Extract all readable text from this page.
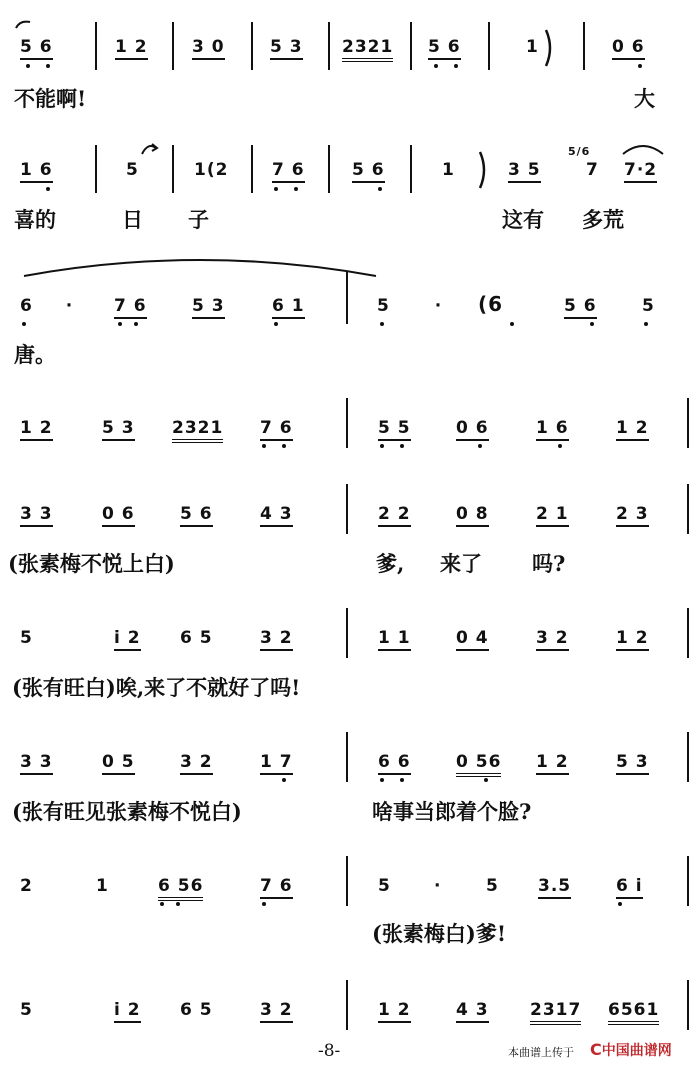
5 6	1 2	3 0	5 3 2321 5 6	1	0 6
不能啊!	大
1 6	5	1(2	7 6	5 6	1	3 5
5/6
7 7·2
喜的	日 子	这有 多荒
6 · 7 6	5 3	6 1	5 · (6	5 6	5
唐。
1 2	5 3 2321 7 6	5 5	0 6	1 6	1 2
3 3	0 6	5 6	4 3	2 2	0 8	2 1	2 3
(张素梅不悦上白)	爹, 来了 吗?
5	i 2 6 5	3 2	1 1	0 4	3 2	1 2
(张有旺白)唉,来了不就好了吗!
3 3	0 5	3 2	1 7	6 6	0 56 1 2	5 3
(张有旺见张素梅不悦白)	啥事当郎着个脸?
2	1	6 56	7 6	5	·	5 3.5	6 i
(张素梅白)爹!
5	i 2 6 5	3 2	1 2	4 3 2317 6561
-8-	本曲谱上传于 C中国曲谱网
